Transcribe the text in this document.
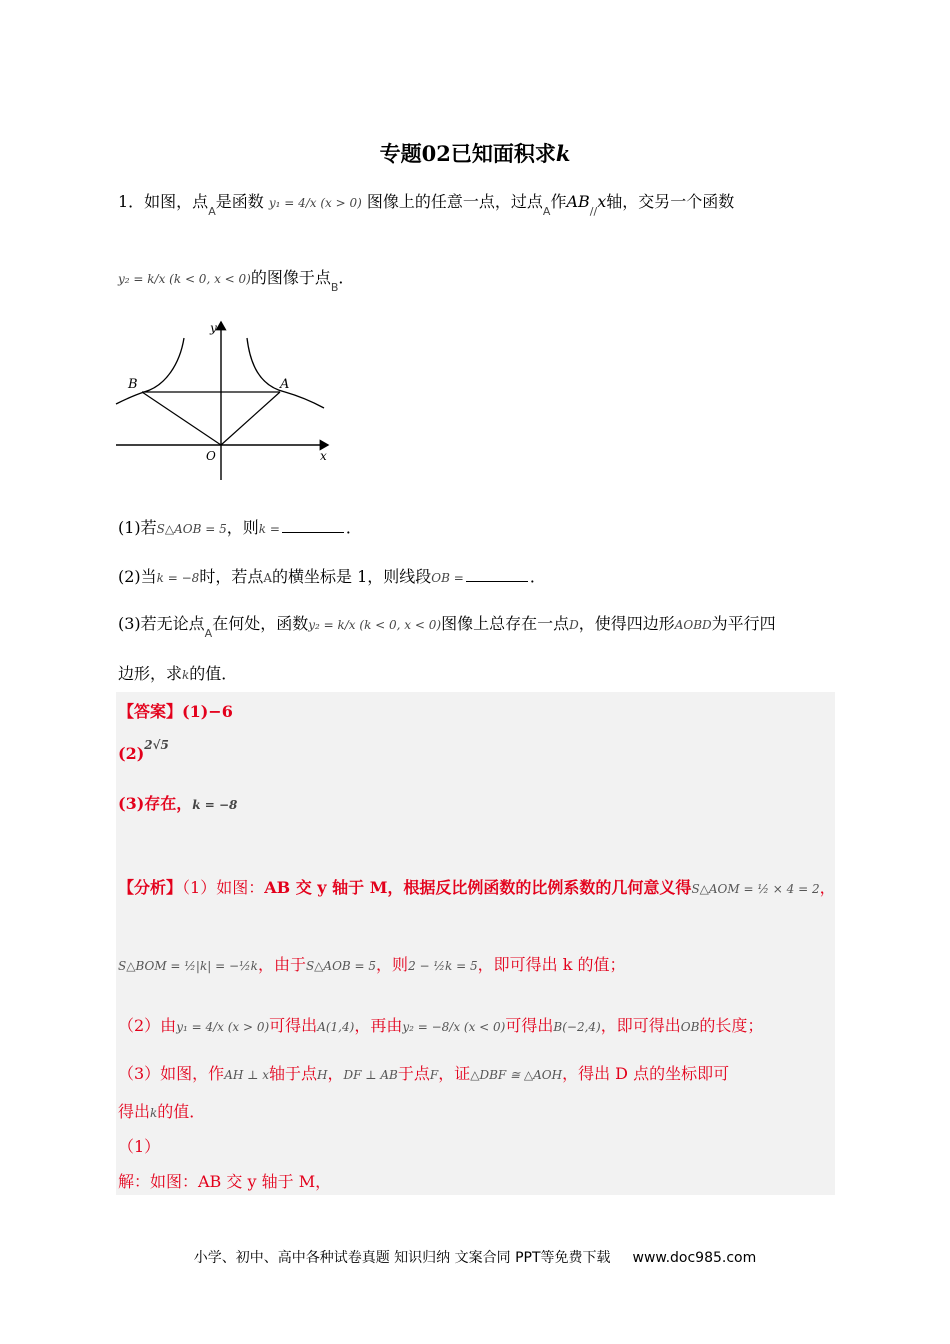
专题02已知面积求k
1．如图，点$_A$是函数 y₁ = 4/x (x > 0) 图像上的任意一点，过点$_A$作$AB_{//}x$轴，交另一个函数
y₂ = k/x (k < 0, x < 0)的图像于点$_B$．
y
x
B	A
O
(1)若S△AOB = 5，则k =	．
(2)当k = −8时，若点A的横坐标是 1，则线段OB =	．
(3)若无论点$_A$在何处，函数y₂ = k/x (k < 0, x < 0)图像上总存在一点D，使得四边形AOBD为平行四
边形，求k的值．
【答案】(1)−6
$(2)^{2√5}$
(3)存在，k = −8
【分析】（1）如图：AB 交 y 轴于 M，根据反比例函数的比例系数的几何意义得S△AOM = ½ × 4 = 2，
S△BOM = ½|k| = −½k，由于S△AOB = 5，则2 − ½k = 5，即可得出 k 的值；
（2）由y₁ = 4/x (x > 0)可得出A(1,4)，再由y₂ = −8/x (x < 0)可得出B(−2,4)，即可得出OB的长度；
（3）如图，作AH ⊥ x轴于点H，DF ⊥ AB于点F，证△DBF ≅ △AOH，得出 D 点的坐标即可
得出k的值．
（1）
解：如图：AB 交 y 轴于 M，
小学、初中、高中各种试卷真题 知识归纳 文案合同 PPT等免费下载 www.doc985.com
